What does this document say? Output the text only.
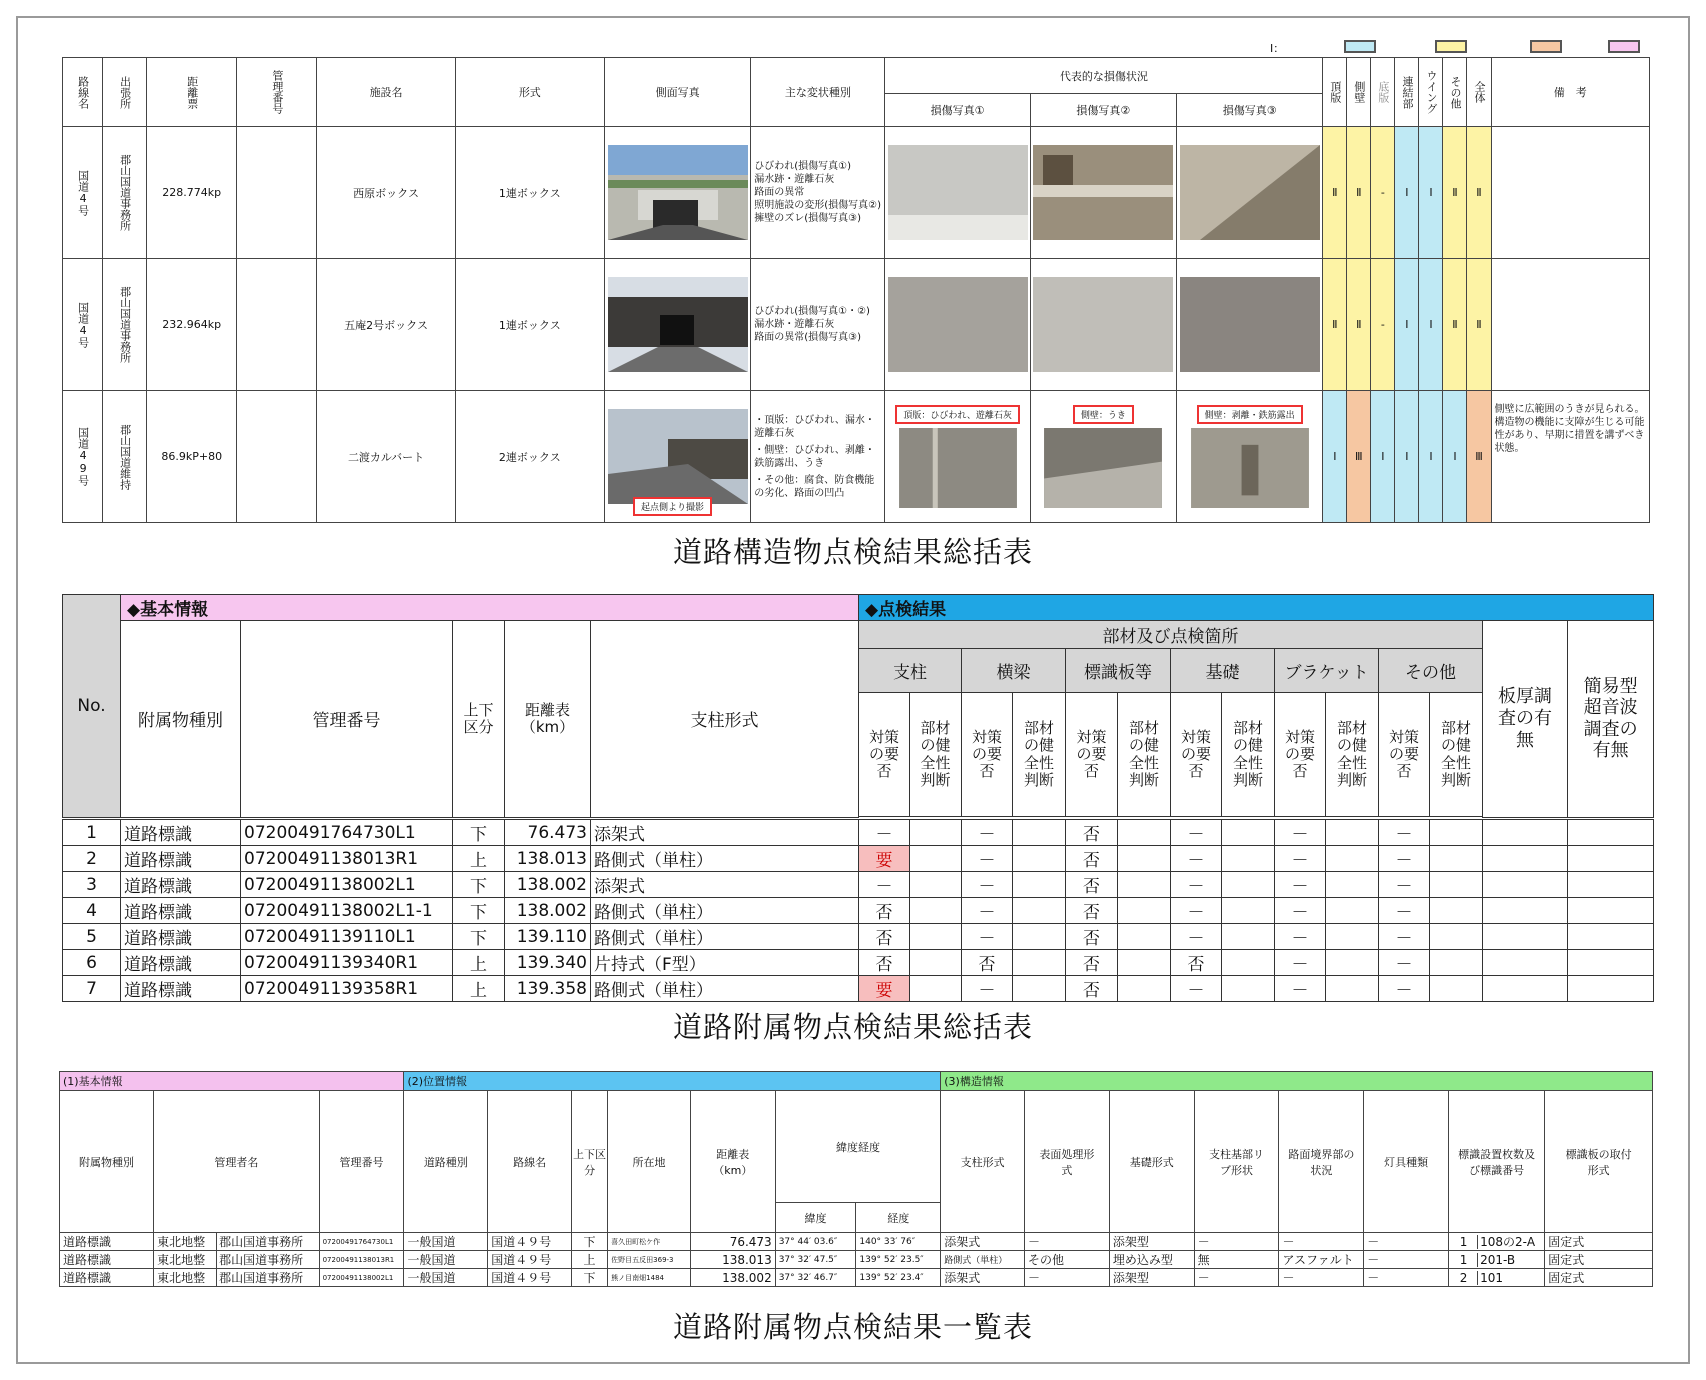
Ⅰ：
路線名	出張所	距離票	管理番号	施設名	形式	側面写真	主な変状種別	代表的な損傷状況			頂版	側壁	底版	連結部	ウイング	その他	全体	備　考
								損傷写真①	損傷写真②	損傷写真③								

国道4号	郡山国道事務所	228.774kp		西原ボックス	1連ボックス		ひびわれ(損傷写真①)
漏水跡・遊離石灰
路面の異常
照明施設の変形(損傷写真②)
擁壁のズレ(損傷写真③)				Ⅱ	Ⅱ	-	Ⅰ	Ⅰ	Ⅱ	Ⅱ	

国道4号	郡山国道事務所	232.964kp		五庵2号ボックス	1連ボックス		ひびわれ(損傷写真①・②)
漏水跡・遊離石灰
路面の異常(損傷写真③)				Ⅱ	Ⅱ	-	Ⅰ	Ⅰ	Ⅱ	Ⅱ	

国道49号	郡山国道維持	86.9kP+80		二渡カルバート	2連ボックス	起点側より撮影	・頂版：ひびわれ、漏水・遊離石灰
・側壁：ひびわれ、剥離・鉄筋露出、うき
・その他：腐食、防食機能の劣化、路面の凹凸	頂版：ひびわれ、遊離石灰	側壁：うき	側壁：剥離・鉄筋露出	Ⅰ	Ⅲ	Ⅰ	Ⅰ	Ⅰ	Ⅰ	Ⅲ	側壁に広範囲のうきが見られる。構造物の機能に支障が生じる可能性があり、早期に措置を講ずべき状態。
道路構造物点検結果総括表
No.	◆基本情報					◆点検結果													
	附属物種別	管理番号	上下区分	距離表（km）	支柱形式	部材及び点検箇所												板厚調査の有無	簡易型超音波調査の有無
						支柱		横梁		標識板等		基礎		ブラケット		その他			
						対策の要否	部材の健全性判断	対策の要否	部材の健全性判断	対策の要否	部材の健全性判断	対策の要否	部材の健全性判断	対策の要否	部材の健全性判断	対策の要否	部材の健全性判断		

1	道路標識	07200491764730L1	下	76.473	添架式	－		－		否		－		－		－			
2	道路標識	07200491138013R1	上	138.013	路側式（単柱）	要		－		否		－		－		－			
3	道路標識	07200491138002L1	下	138.002	添架式	－		－		否		－		－		－			
4	道路標識	07200491138002L1-1	下	138.002	路側式（単柱）	否		－		否		－		－		－			
5	道路標識	07200491139110L1	下	139.110	路側式（単柱）	否		－		否		－		－		－			
6	道路標識	07200491139340R1	上	139.340	片持式（F型）	否		否		否		否		－		－			
7	道路標識	07200491139358R1	上	139.358	路側式（単柱）	要		－		否		－		－		－			
道路附属物点検結果総括表
(1)基本情報			(2)位置情報							(3)構造情報							
附属物種別	管理者名	管理番号	道路種別	路線名	上下区分	所在地	距離表（km）	緯度経度		支柱形式	表面処理形式	基礎形式	支柱基部リブ形状	路面境界部の状況	灯具種類	標識設置枚数及び標識番号	標識板の取付形式
								緯度	経度								
道路標識	東北地整 郡山国道事務所	07200491764730L1	一般国道	国道４９号	下	喜久田町松ケ作	76.473	37° 44′ 03.6″	140° 33′ 76″	添架式	－	添架型	－	－	－	1 108の2-A	固定式
道路標識	東北地整 郡山国道事務所	07200491138013R1	一般国道	国道４９号	上	佐野目五反田369-3	138.013	37° 32′ 47.5″	139° 52′ 23.5″	路側式（単柱）	その他	埋め込み型	無	アスファルト	－	1 201-B	固定式
道路標識	東北地整 郡山国道事務所	07200491138002L1	一般国道	国道４９号	下	熊ノ目南畑1484	138.002	37° 32′ 46.7″	139° 52′ 23.4″	添架式	－	添架型	－	－	－	2 101	固定式
道路附属物点検結果一覧表
